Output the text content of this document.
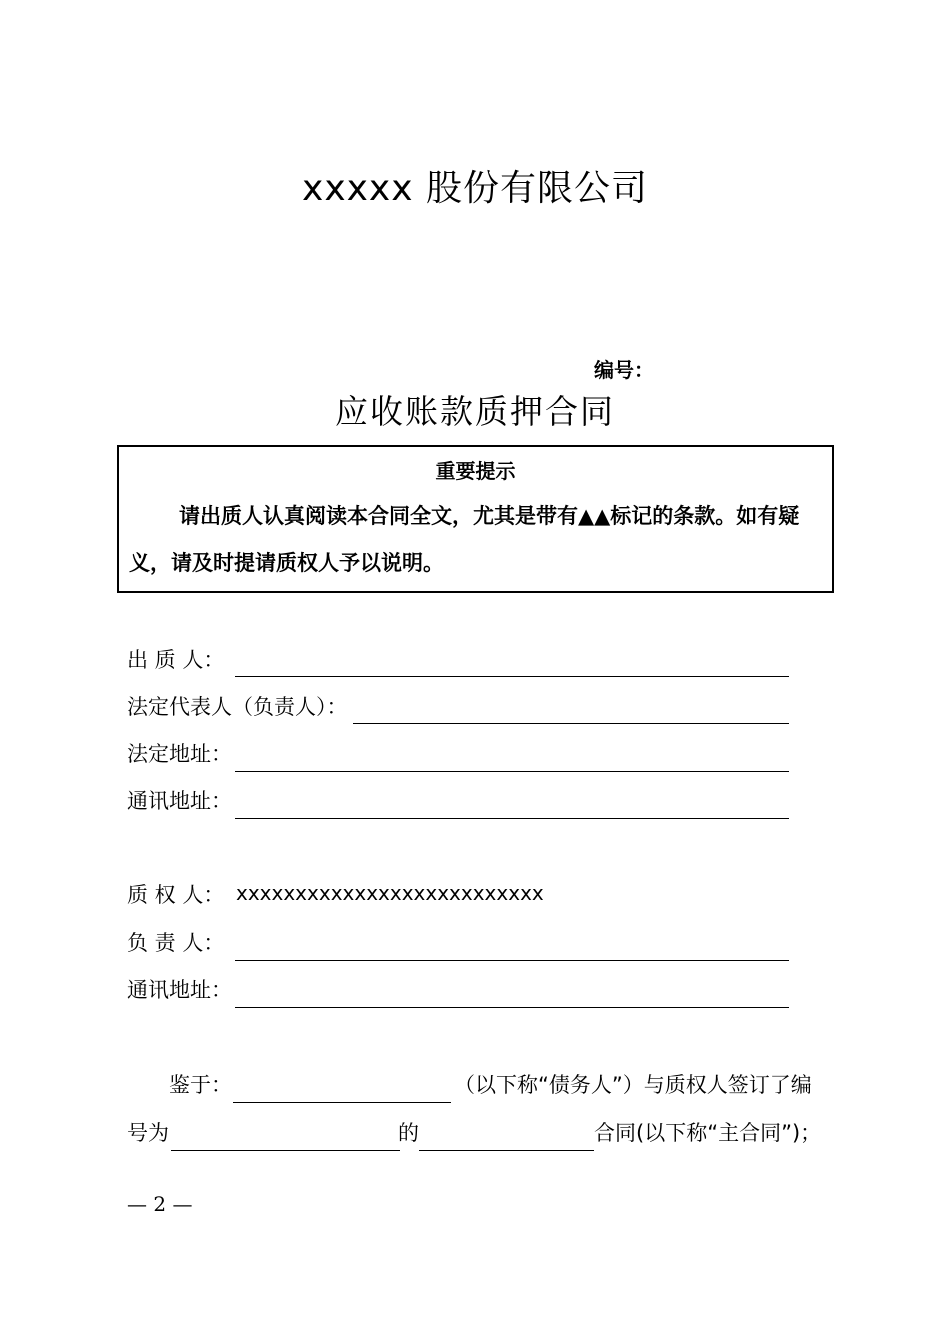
xxxxx 股份有限公司
编号：
应收账款质押合同
重要提示
请出质人认真阅读本合同全文，尤其是带有▲▲标记的条款。如有疑
义，请及时提请质权人予以说明。
出 质 人：
法定代表人（负责人）：
法定地址：
通讯地址：
质 权 人： xxxxxxxxxxxxxxxxxxxxxxxxxx
负 责 人：
通讯地址：
鉴于：	（以下称“债务人”）与质权人签订了编
号为	的	合同(以下称“主合同”)；
— 2 —
